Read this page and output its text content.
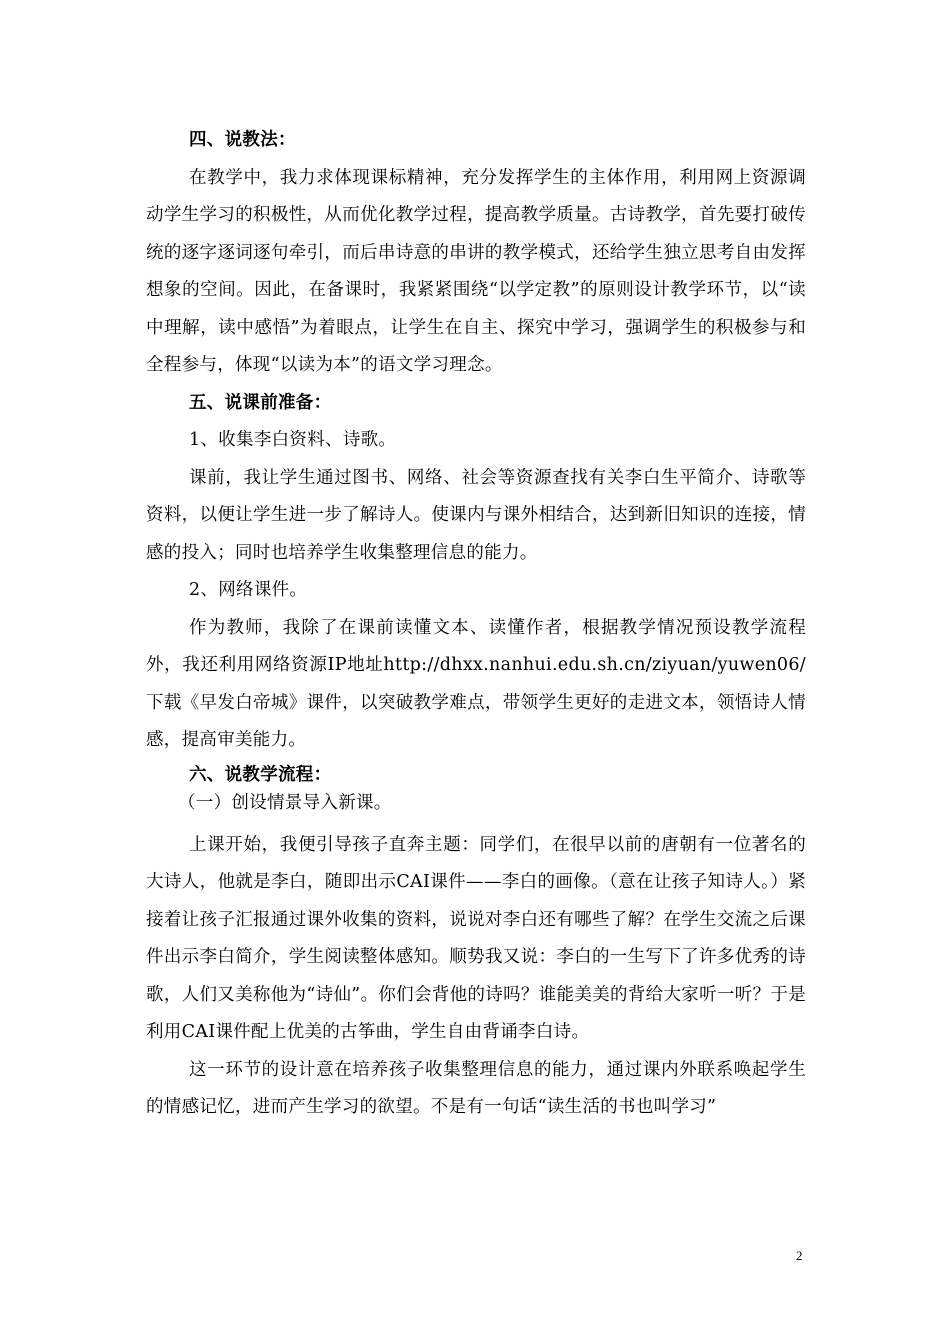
四、说教法：

在教学中，我力求体现课标精神，充分发挥学生的主体作用，利用网上资源调动学生学习的积极性，从而优化教学过程，提高教学质量。古诗教学，首先要打破传统的逐字逐词逐句牵引，而后串诗意的串讲的教学模式，还给学生独立思考自由发挥想象的空间。因此，在备课时，我紧紧围绕“以学定教”的原则设计教学环节，以“读中理解，读中感悟”为着眼点，让学生在自主、探究中学习，强调学生的积极参与和全程参与，体现“以读为本”的语文学习理念。

五、说课前准备：

1、收集李白资料、诗歌。

课前，我让学生通过图书、网络、社会等资源查找有关李白生平简介、诗歌等资料，以便让学生进一步了解诗人。使课内与课外相结合，达到新旧知识的连接，情感的投入；同时也培养学生收集整理信息的能力。

2、网络课件。

作为教师，我除了在课前读懂文本、读懂作者，根据教学情况预设教学流程外，我还利用网络资源IP地址http://dhxx.nanhui.edu.sh.cn/ziyuan/yuwen06/下载《早发白帝城》课件，以突破教学难点，带领学生更好的走进文本，领悟诗人情感，提高审美能力。

六、说教学流程：

（一）创设情景导入新课。

上课开始，我便引导孩子直奔主题：同学们，在很早以前的唐朝有一位著名的大诗人，他就是李白，随即出示CAI课件——李白的画像。（意在让孩子知诗人。）紧接着让孩子汇报通过课外收集的资料，说说对李白还有哪些了解？在学生交流之后课件出示李白简介，学生阅读整体感知。顺势我又说：李白的一生写下了许多优秀的诗歌，人们又美称他为“诗仙”。你们会背他的诗吗？谁能美美的背给大家听一听？于是利用CAI课件配上优美的古筝曲，学生自由背诵李白诗。

这一环节的设计意在培养孩子收集整理信息的能力，通过课内外联系唤起学生的情感记忆，进而产生学习的欲望。不是有一句话“读生活的书也叫学习”

2
